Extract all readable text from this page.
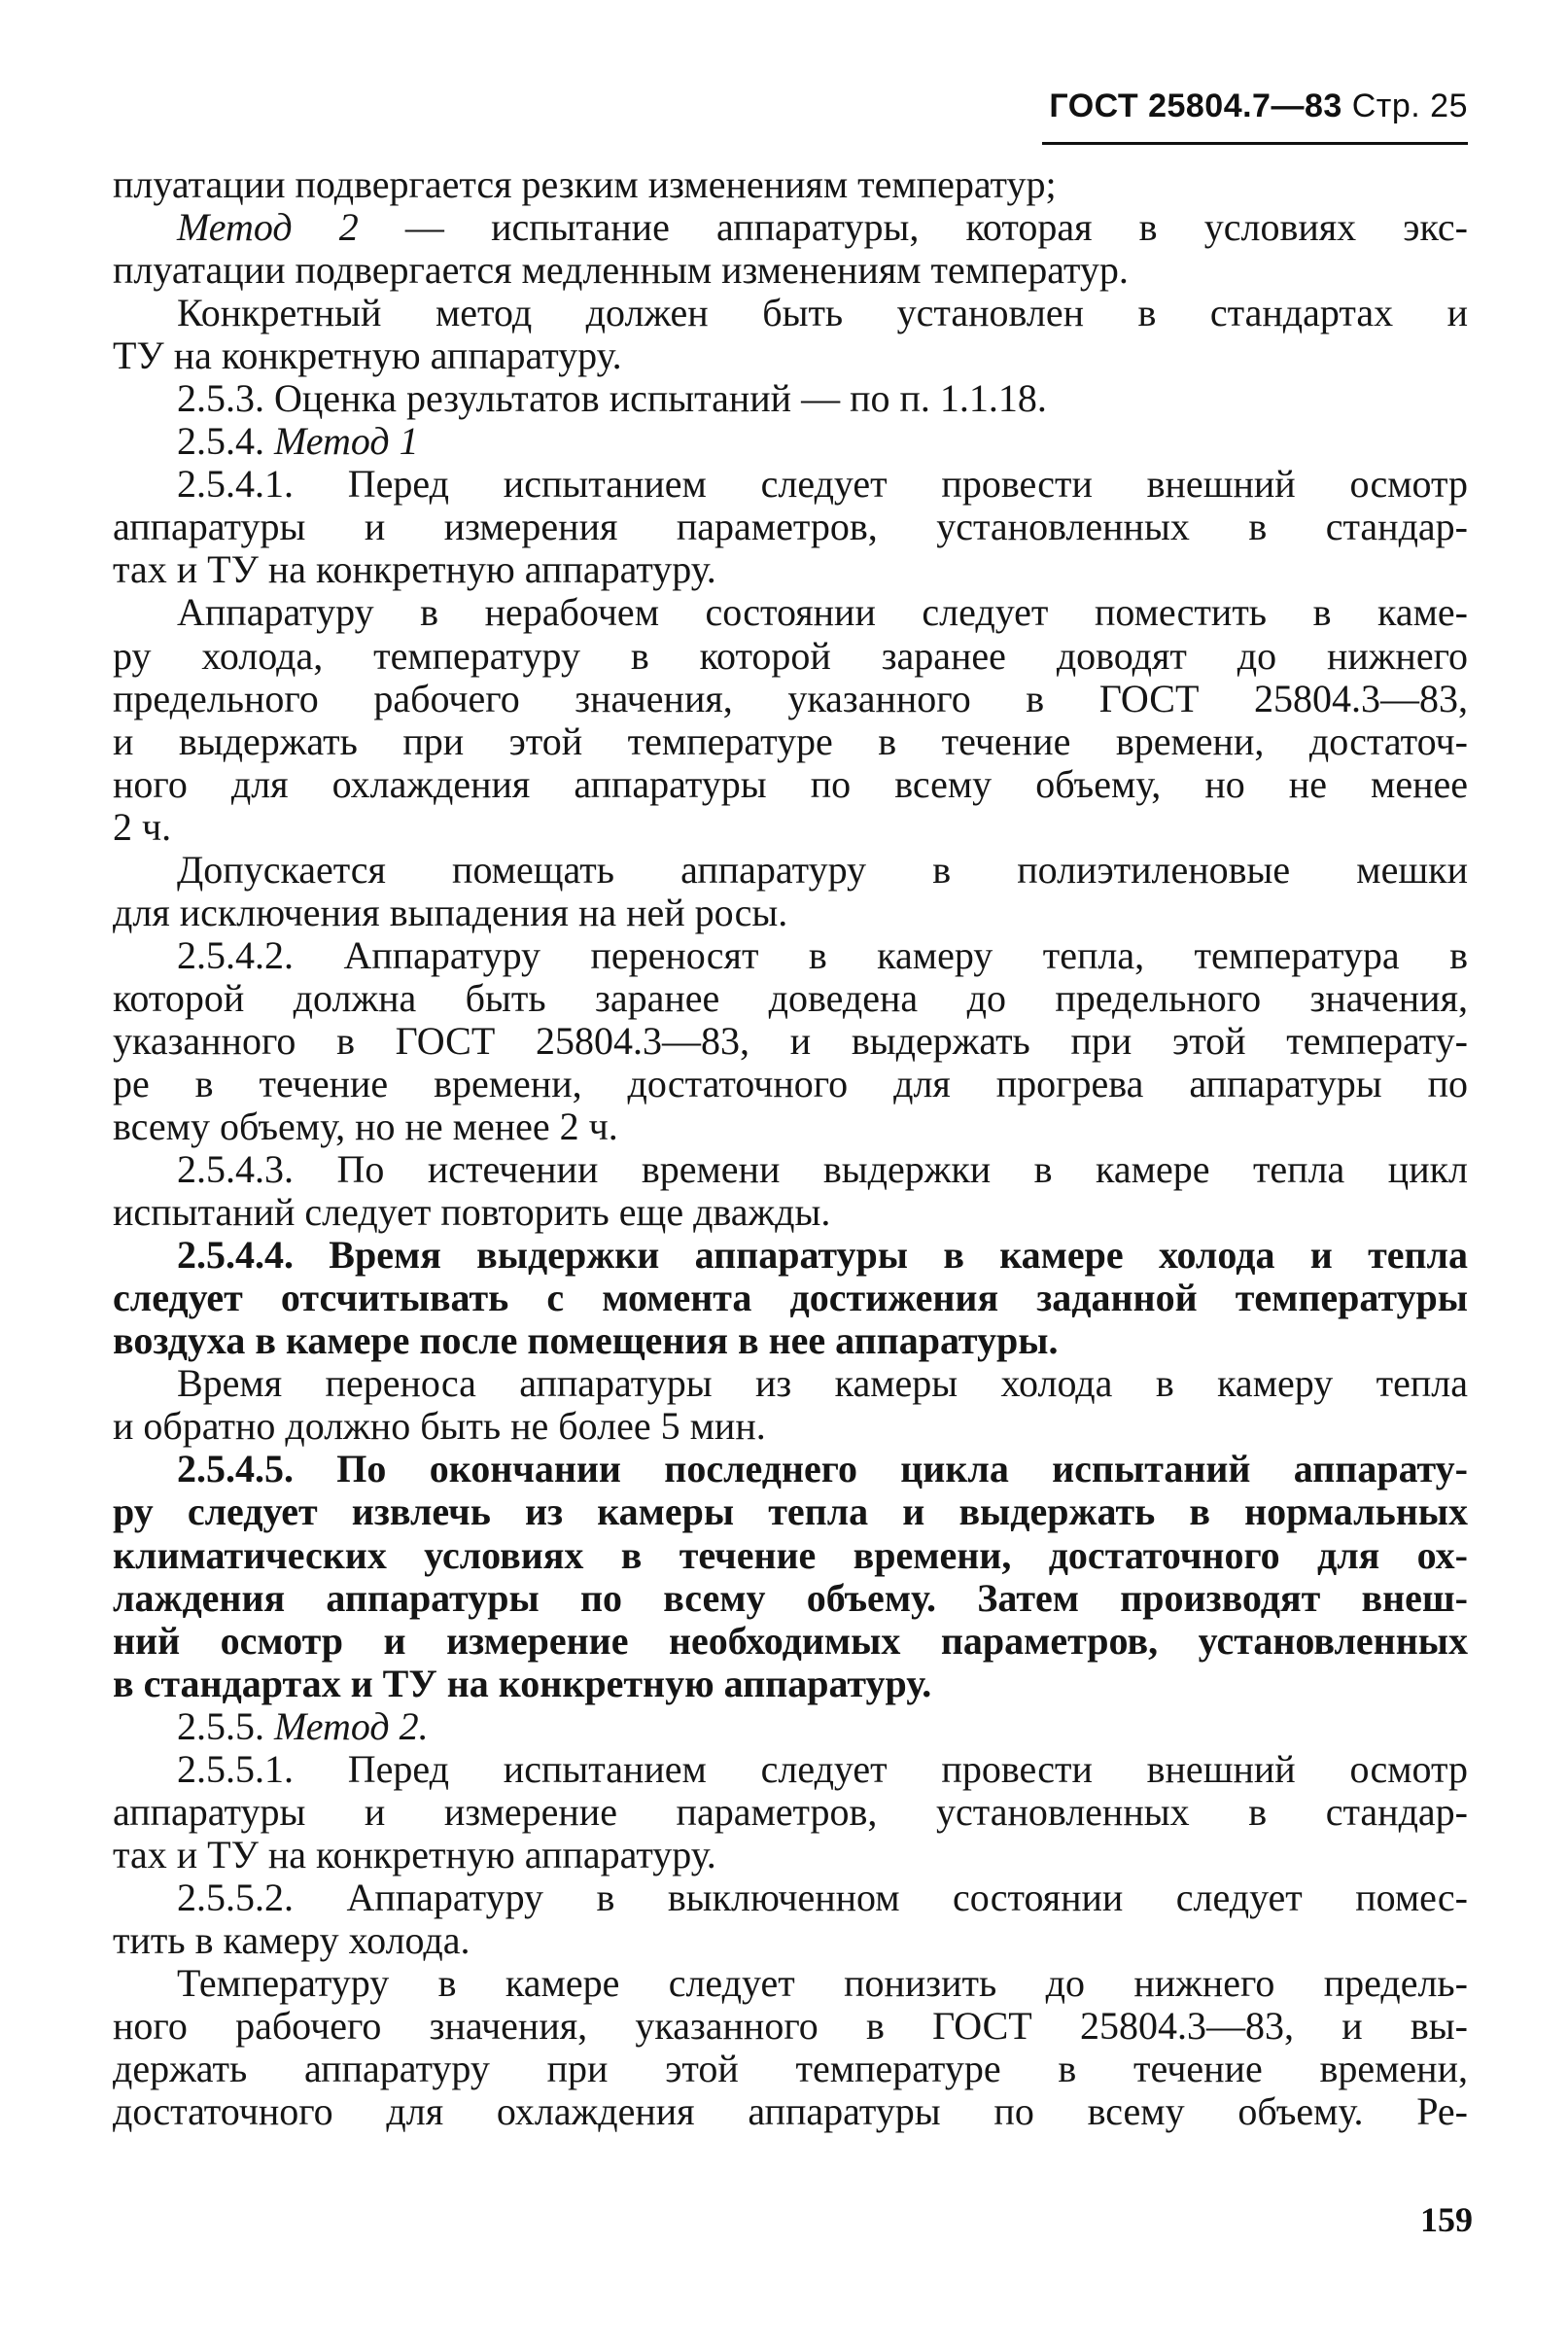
ГОСТ 25804.7—83 Стр. 25
плуатации подвергается резким изменениям температур;
Метод 2 — испытание аппаратуры, которая в условиях экс-
плуатации подвергается медленным изменениям температур.
Конкретный метод должен быть установлен в стандартах и
ТУ на конкретную аппаратуру.
2.5.3. Оценка результатов испытаний — по п. 1.1.18.
2.5.4. Метод 1
2.5.4.1. Перед испытанием следует провести внешний осмотр
аппаратуры и измерения параметров, установленных в стандар-
тах и ТУ на конкретную аппаратуру.
Аппаратуру в нерабочем состоянии следует поместить в каме-
ру холода, температуру в которой заранее доводят до нижнего
предельного рабочего значения, указанного в ГОСТ 25804.3—83,
и выдержать при этой температуре в течение времени, достаточ-
ного для охлаждения аппаратуры по всему объему, но не менее
2 ч.
Допускается помещать аппаратуру в полиэтиленовые мешки
для исключения выпадения на ней росы.
2.5.4.2. Аппаратуру переносят в камеру тепла, температура в
которой должна быть заранее доведена до предельного значения,
указанного в ГОСТ 25804.3—83, и выдержать при этой температу-
ре в течение времени, достаточного для прогрева аппаратуры по
всему объему, но не менее 2 ч.
2.5.4.3. По истечении времени выдержки в камере тепла цикл
испытаний следует повторить еще дважды.
2.5.4.4. Время выдержки аппаратуры в камере холода и тепла
следует отсчитывать с момента достижения заданной температуры
воздуха в камере после помещения в нее аппаратуры.
Время переноса аппаратуры из камеры холода в камеру тепла
и обратно должно быть не более 5 мин.
2.5.4.5. По окончании последнего цикла испытаний аппарату-
ру следует извлечь из камеры тепла и выдержать в нормальных
климатических условиях в течение времени, достаточного для ох-
лаждения аппаратуры по всему объему. Затем производят внеш-
ний осмотр и измерение необходимых параметров, установленных
в стандартах и ТУ на конкретную аппаратуру.
2.5.5. Метод 2.
2.5.5.1. Перед испытанием следует провести внешний осмотр
аппаратуры и измерение параметров, установленных в стандар-
тах и ТУ на конкретную аппаратуру.
2.5.5.2. Аппаратуру в выключенном состоянии следует помес-
тить в камеру холода.
Температуру в камере следует понизить до нижнего предель-
ного рабочего значения, указанного в ГОСТ 25804.3—83, и вы-
держать аппаратуру при этой температуре в течение времени,
достаточного для охлаждения аппаратуры по всему объему. Ре-
159
